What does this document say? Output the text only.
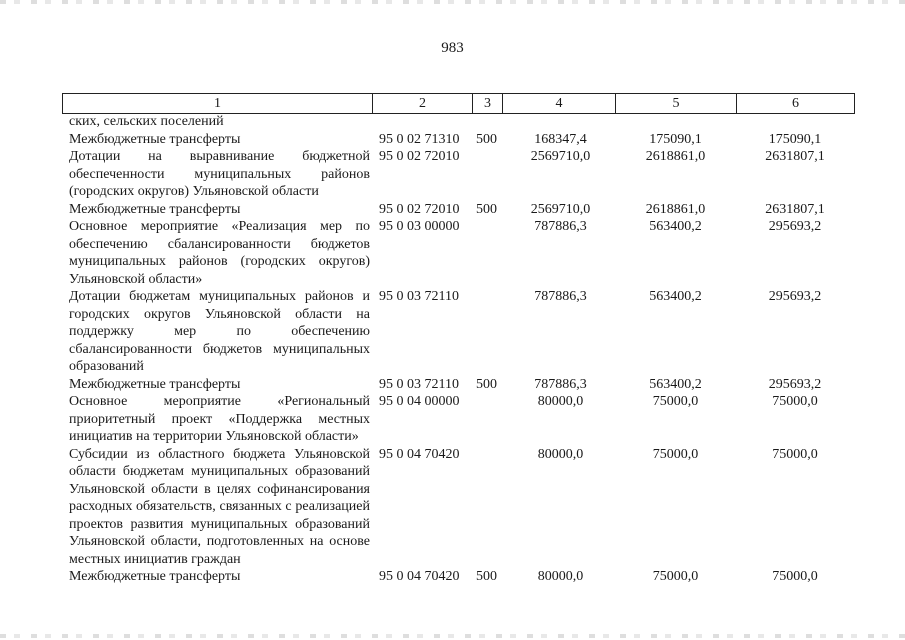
983
1	2	3	4	5	6
ских, сельских поселений					
Межбюджетные трансферты	95 0 02 71310	500	168347,4	175090,1	175090,1
Дотации на выравнивание бюджетной обеспеченности муниципальных районов (городских округов) Ульяновской области	95 0 02 72010		2569710,0	2618861,0	2631807,1
Межбюджетные трансферты	95 0 02 72010	500	2569710,0	2618861,0	2631807,1
Основное мероприятие «Реализация мер по обеспечению сбалансированности бюджетов муниципальных районов (городских округов) Ульяновской области»	95 0 03 00000		787886,3	563400,2	295693,2
Дотации бюджетам муниципальных районов и городских округов Ульяновской области на поддержку мер по обеспечению сбалансированности бюджетов муниципальных образований	95 0 03 72110		787886,3	563400,2	295693,2
Межбюджетные трансферты	95 0 03 72110	500	787886,3	563400,2	295693,2
Основное мероприятие «Региональный приоритетный проект «Поддержка местных инициатив на территории Ульяновской области»	95 0 04 00000		80000,0	75000,0	75000,0
Субсидии из областного бюджета Ульяновской области бюджетам муниципальных образований Ульяновской области в целях софинансирования расходных обязательств, связанных с реализацией проектов развития муниципальных образований Ульяновской области, подготовленных на основе местных инициатив граждан	95 0 04 70420		80000,0	75000,0	75000,0
Межбюджетные трансферты	95 0 04 70420	500	80000,0	75000,0	75000,0
